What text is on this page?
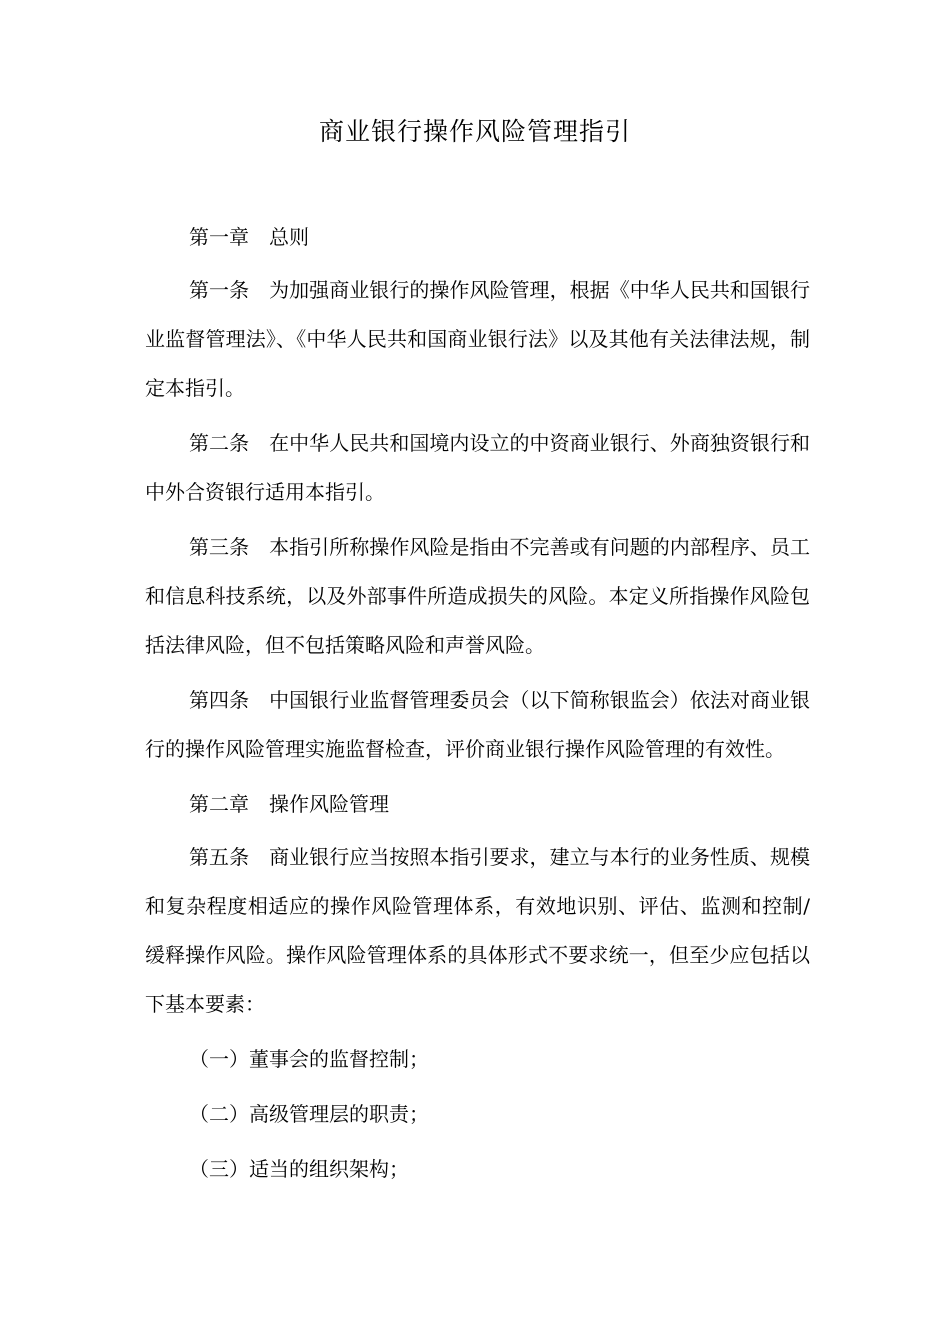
商业银行操作风险管理指引

第一章 总则

第一条 为加强商业银行的操作风险管理，根据《中华人民共和国银行业监督管理法》、《中华人民共和国商业银行法》以及其他有关法律法规，制定本指引。

第二条 在中华人民共和国境内设立的中资商业银行、外商独资银行和中外合资银行适用本指引。

第三条 本指引所称操作风险是指由不完善或有问题的内部程序、员工和信息科技系统，以及外部事件所造成损失的风险。本定义所指操作风险包括法律风险，但不包括策略风险和声誉风险。

第四条 中国银行业监督管理委员会（以下简称银监会）依法对商业银行的操作风险管理实施监督检查，评价商业银行操作风险管理的有效性。

第二章 操作风险管理

第五条 商业银行应当按照本指引要求，建立与本行的业务性质、规模和复杂程度相适应的操作风险管理体系，有效地识别、评估、监测和控制/缓释操作风险。操作风险管理体系的具体形式不要求统一，但至少应包括以下基本要素：

（一）董事会的监督控制；

（二）高级管理层的职责；

（三）适当的组织架构；
